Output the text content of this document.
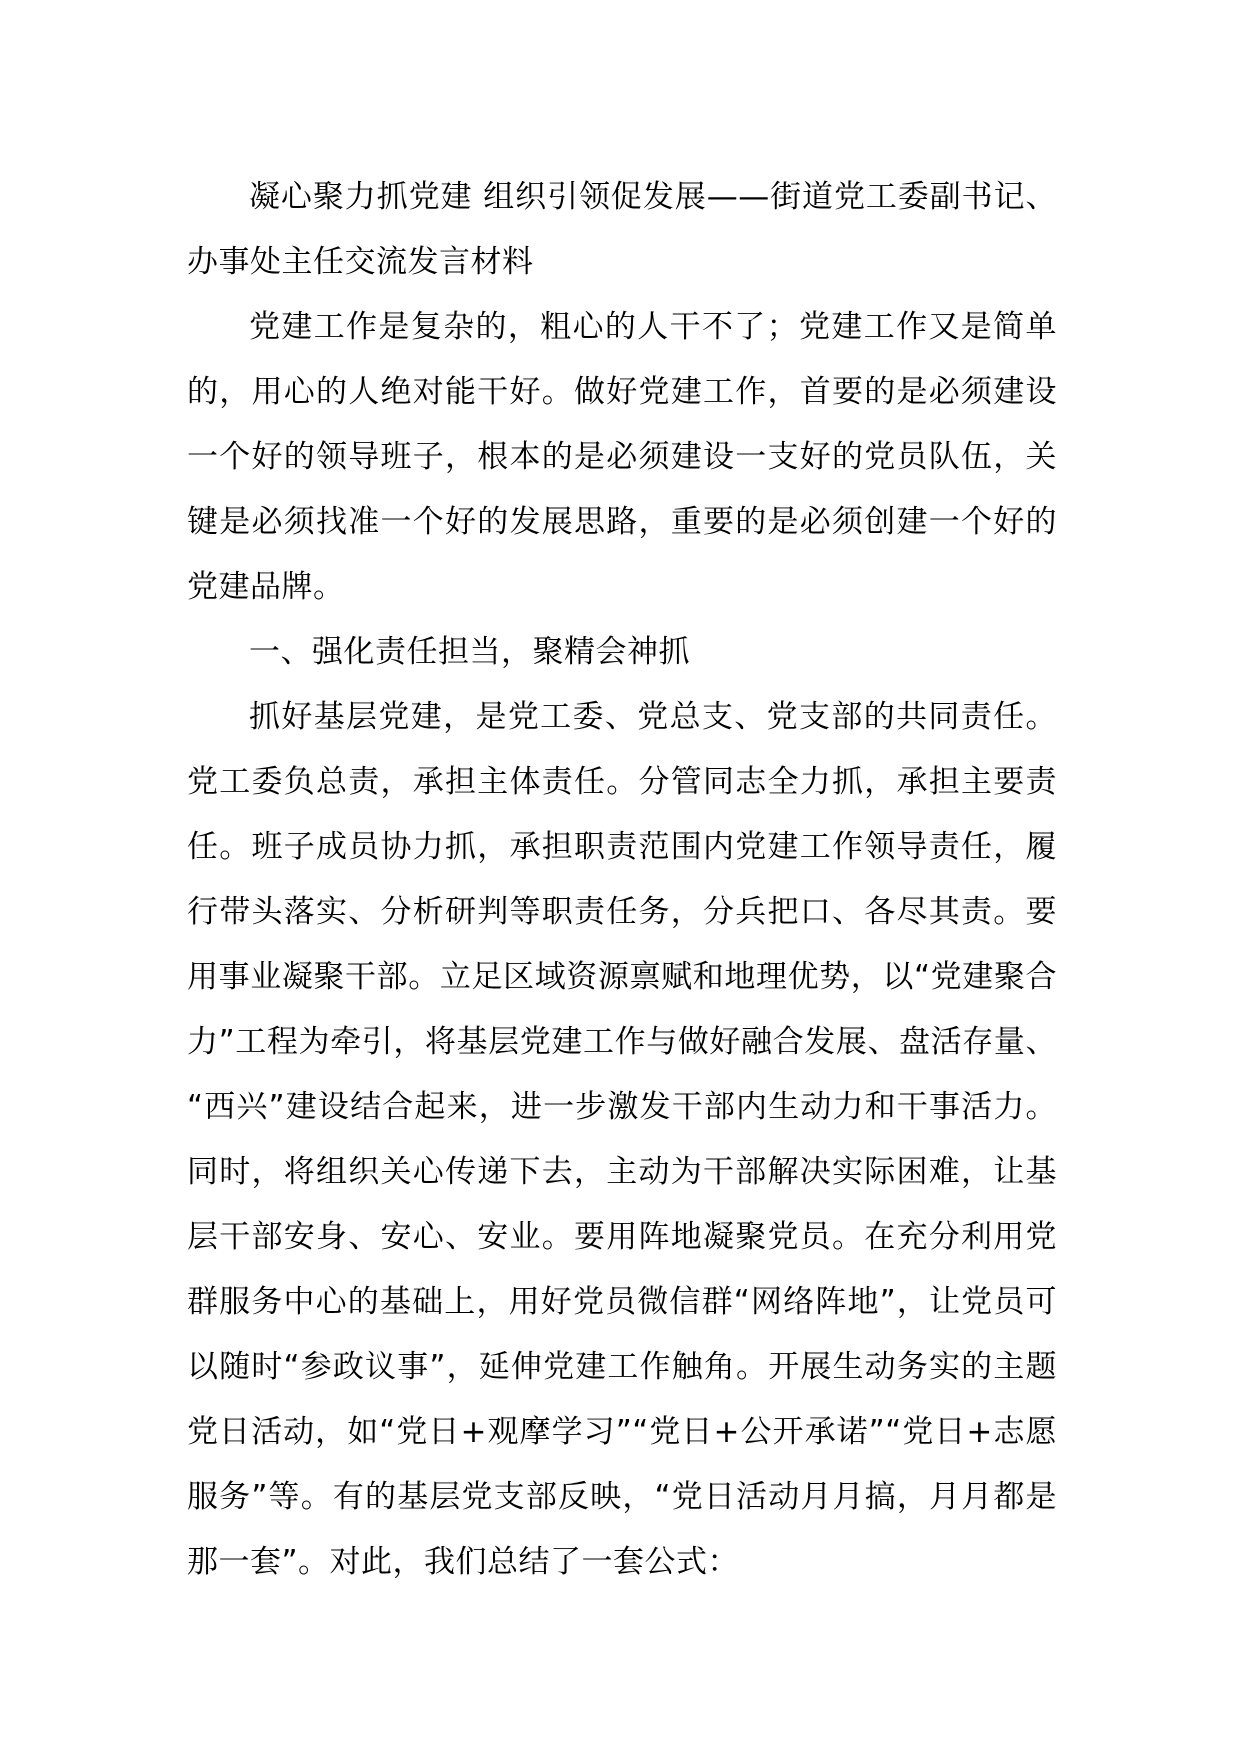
凝心聚力抓党建 组织引领促发展——街道党工委副书记、办事处主任交流发言材料

党建工作是复杂的，粗心的人干不了；党建工作又是简单的，用心的人绝对能干好。做好党建工作，首要的是必须建设一个好的领导班子，根本的是必须建设一支好的党员队伍，关键是必须找准一个好的发展思路，重要的是必须创建一个好的党建品牌。

一、强化责任担当，聚精会神抓

抓好基层党建，是党工委、党总支、党支部的共同责任。党工委负总责，承担主体责任。分管同志全力抓，承担主要责任。班子成员协力抓，承担职责范围内党建工作领导责任，履行带头落实、分析研判等职责任务，分兵把口、各尽其责。要用事业凝聚干部。立足区域资源禀赋和地理优势，以“党建聚合力”工程为牵引，将基层党建工作与做好融合发展、盘活存量、“西兴”建设结合起来，进一步激发干部内生动力和干事活力。同时，将组织关心传递下去，主动为干部解决实际困难，让基层干部安身、安心、安业。要用阵地凝聚党员。在充分利用党群服务中心的基础上，用好党员微信群“网络阵地”，让党员可以随时“参政议事”，延伸党建工作触角。开展生动务实的主题党日活动，如“党日+观摩学习”“党日+公开承诺”“党日+志愿服务”等。有的基层党支部反映，“党日活动月月搞，月月都是那一套”。对此，我们总结了一套公式：
